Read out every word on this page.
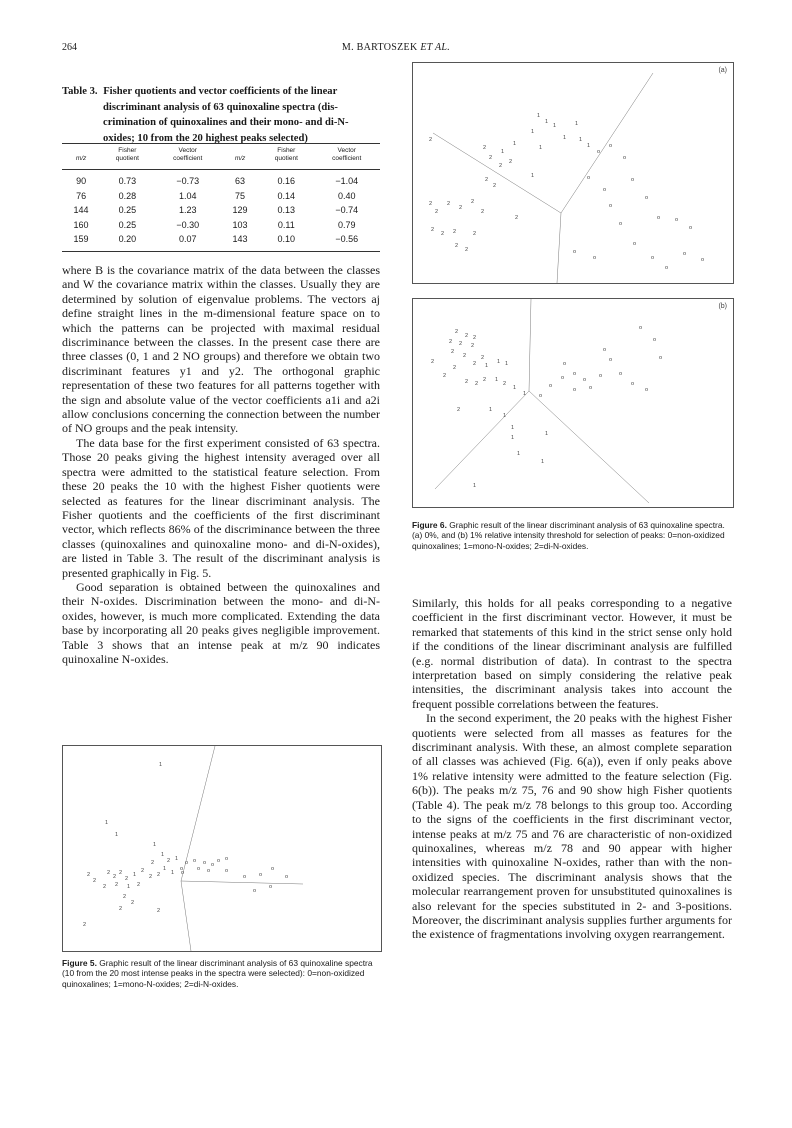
264	M. BARTOSZEK ET AL.
Table 3. Fisher quotients and vector coefficients of the linear
discriminant analysis of 63 quinoxaline spectra (dis-
crimination of quinoxalines and their mono- and di-N-
oxides; 10 from the 20 highest peaks selected)
	Fisher	Vector		Fisher	Vector
m/z	quotient	coefficient	m/z	quotient	coefficient
90	0.73	−0.73	63	0.16	−1.04
76	0.28	1.04	75	0.14	0.40
144	0.25	1.23	129	0.13	−0.74
160	0.25	−0.30	103	0.11	0.79
159	0.20	0.07	143	0.10	−0.56

where B is the covariance matrix of the data between the classes and W the covariance matrix within the classes. Usually they are determined by solution of eigenvalue problems. The vectors aj define straight lines in the m-dimensional feature space on to which the patterns can be projected with maximal residual discriminance between the classes. In the present case there are three classes (0, 1 and 2 NO groups) and therefore we obtain two discriminant features y1 and y2. The orthogonal graphic representation of these two features for all patterns together with the sign and absolute value of the vector coefficients a1i and a2i allow conclusions concerning the connection between the number of NO groups and the peak intensity.

The data base for the first experiment consisted of 63 spectra. Those 20 peaks giving the highest intensity averaged over all spectra were admitted to the statistical feature selection. From these 20 peaks the 10 with the highest Fisher quotients were selected as features for the linear discriminant analysis. The Fisher quotients and the coefficients of the first discriminant vector, which reflects 86% of the discriminance between the three classes (quinoxalines and quinoxaline mono- and di-N-oxides), are listed in Table 3. The result of the discriminant analysis is presented graphically in Fig. 5.

Good separation is obtained between the quinoxalines and their N-oxides. Discrimination between the mono- and di-N-oxides, however, is much more complicated. Extending the data base by incorporating all 20 peaks gives negligible improvement. Table 3 shows that an intense peak at m/z 90 indicates quinoxaline N-oxides.

1
1
1
1
1
1
2 2 1
o
o o o o
o o
o
o o	o
o o
o
o
o
o
2
2
2
2
2
2
1
2
2 2 1
2 2 1 2
2
2
2	2
2
Figure 5. Graphic result of the linear discriminant analysis of 63 quinoxaline spectra (10 from the 20 most intense peaks in the spectra were selected): 0=non-oxidized quinoxalines; 1=mono-N-oxides; 2=di-N-oxides.
(a)
1
1
1	1
1
1
1
1 1
1
o
o
o
o
o
o	o
o
o
o
o
o
o
o
o
o
o
o
o
2
2
2
2
2
2
2
2
2
2
2
2
2
2
2
2 2	2
2
2
1
1
(b)
2
2 2
2 2 2
2
2	2
2	2 1
1 1
2
2
2 2
2 1
2
1
1
2	1
1
1
1
1
1
1
1
o
o
o
o
o
o o
o
o
o
o
o
o
o
o
o
o
Figure 6. Graphic result of the linear discriminant analysis of 63 quinoxaline spectra. (a) 0%, and (b) 1% relative intensity threshold for selection of peaks: 0=non-oxidized quinoxalines; 1=mono-N-oxides; 2=di-N-oxides.

Similarly, this holds for all peaks corresponding to a negative coefficient in the first discriminant vector. However, it must be remarked that statements of this kind in the strict sense only hold if the conditions of the linear discriminant analysis are fulfilled (e.g. normal distribution of data). In contrast to the spectra interpretation based on simply considering the relative peak intensities, the discriminant analysis takes into account the frequent possible correlations between the features.

In the second experiment, the 20 peaks with the highest Fisher quotients were selected from all masses as features for the discriminant analysis. With these, an almost complete separation of all classes was achieved (Fig. 6(a)), even if only peaks above 1% relative intensity were admitted to the feature selection (Fig. 6(b)). The peaks m/z 75, 76 and 90 show high Fisher quotients (Table 4). The peak m/z 78 belongs to this group too. According to the signs of the coefficients in the first discriminant vector, intense peaks at m/z 75 and 76 are characteristic of non-oxidized quinoxalines, whereas m/z 78 and 90 appear with higher intensities with quinoxaline N-oxides, rather than with the non-oxidized species. The discriminant analysis shows that the molecular rearrangement proven for unsubstituted quinoxalines is also relevant for the species substituted in 2- and 3-positions. Moreover, the discriminant analysis supplies further arguments for the existence of fragmentations involving oxygen rearrangement.
